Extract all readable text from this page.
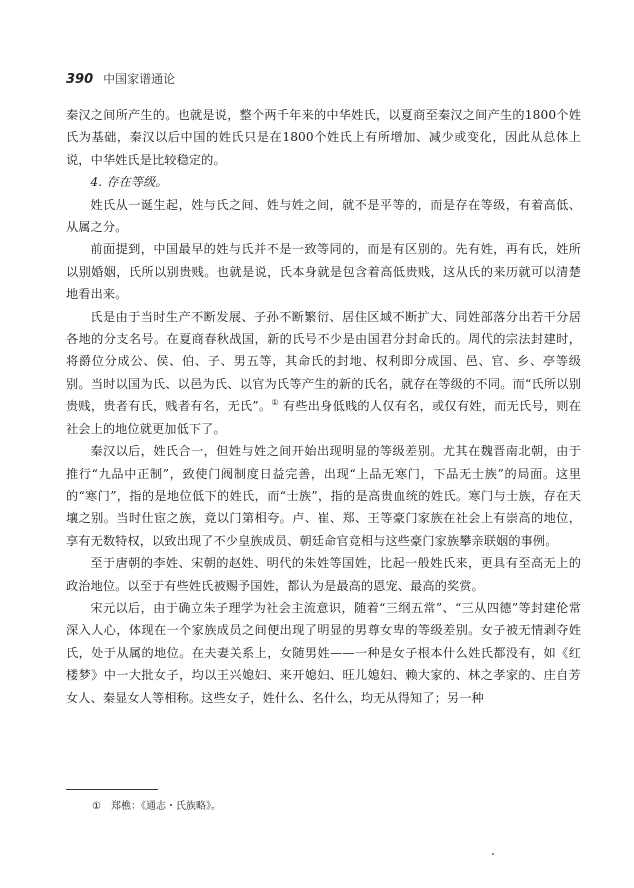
390 中国家谱通论

秦汉之间所产生的。也就是说，整个两千年来的中华姓氏，以夏商至秦汉之间产生的1800个姓氏为基础，秦汉以后中国的姓氏只是在1800个姓氏上有所增加、减少或变化，因此从总体上说，中华姓氏是比较稳定的。

4. 存在等级。

姓氏从一诞生起，姓与氏之间、姓与姓之间，就不是平等的，而是存在等级，有着高低、从属之分。

前面提到，中国最早的姓与氏并不是一致等同的，而是有区别的。先有姓，再有氏，姓所以别婚姻，氏所以别贵贱。也就是说，氏本身就是包含着高低贵贱，这从氏的来历就可以清楚地看出来。

氏是由于当时生产不断发展、子孙不断繁衍、居住区域不断扩大、同姓部落分出若干分居各地的分支名号。在夏商春秋战国，新的氏号不少是由国君分封命氏的。周代的宗法封建时，将爵位分成公、侯、伯、子、男五等，其命氏的封地、权利即分成国、邑、官、乡、亭等级别。当时以国为氏、以邑为氏、以官为氏等产生的新的氏名，就存在等级的不同。而“氏所以别贵贱，贵者有氏，贱者有名，无氏”。① 有些出身低贱的人仅有名，或仅有姓，而无氏号，则在社会上的地位就更加低下了。

秦汉以后，姓氏合一，但姓与姓之间开始出现明显的等级差别。尤其在魏晋南北朝，由于推行“九品中正制”，致使门阀制度日益完善，出现“上品无寒门，下品无士族”的局面。这里的“寒门”，指的是地位低下的姓氏，而“士族”，指的是高贵血统的姓氏。寒门与士族，存在天壤之别。当时仕宦之族，竟以门第相夸。卢、崔、郑、王等豪门家族在社会上有崇高的地位，享有无数特权，以致出现了不少皇族成员、朝廷命官竞相与这些豪门家族攀亲联姻的事例。

至于唐朝的李姓、宋朝的赵姓、明代的朱姓等国姓，比起一般姓氏来，更具有至高无上的政治地位。以至于有些姓氏被赐予国姓，都认为是最高的恩宠、最高的奖赏。

宋元以后，由于确立朱子理学为社会主流意识，随着“三纲五常”、“三从四德”等封建伦常深入人心，体现在一个家族成员之间便出现了明显的男尊女卑的等级差别。女子被无情剥夺姓氏，处于从属的地位。在夫妻关系上，女随男姓——一种是女子根本什么姓氏都没有，如《红楼梦》中一大批女子，均以王兴媳妇、来开媳妇、旺儿媳妇、赖大家的、林之孝家的、庄自芳女人、秦显女人等相称。这些女子，姓什么、名什么，均无从得知了；另一种

① 郑樵：《通志・氏族略》。
